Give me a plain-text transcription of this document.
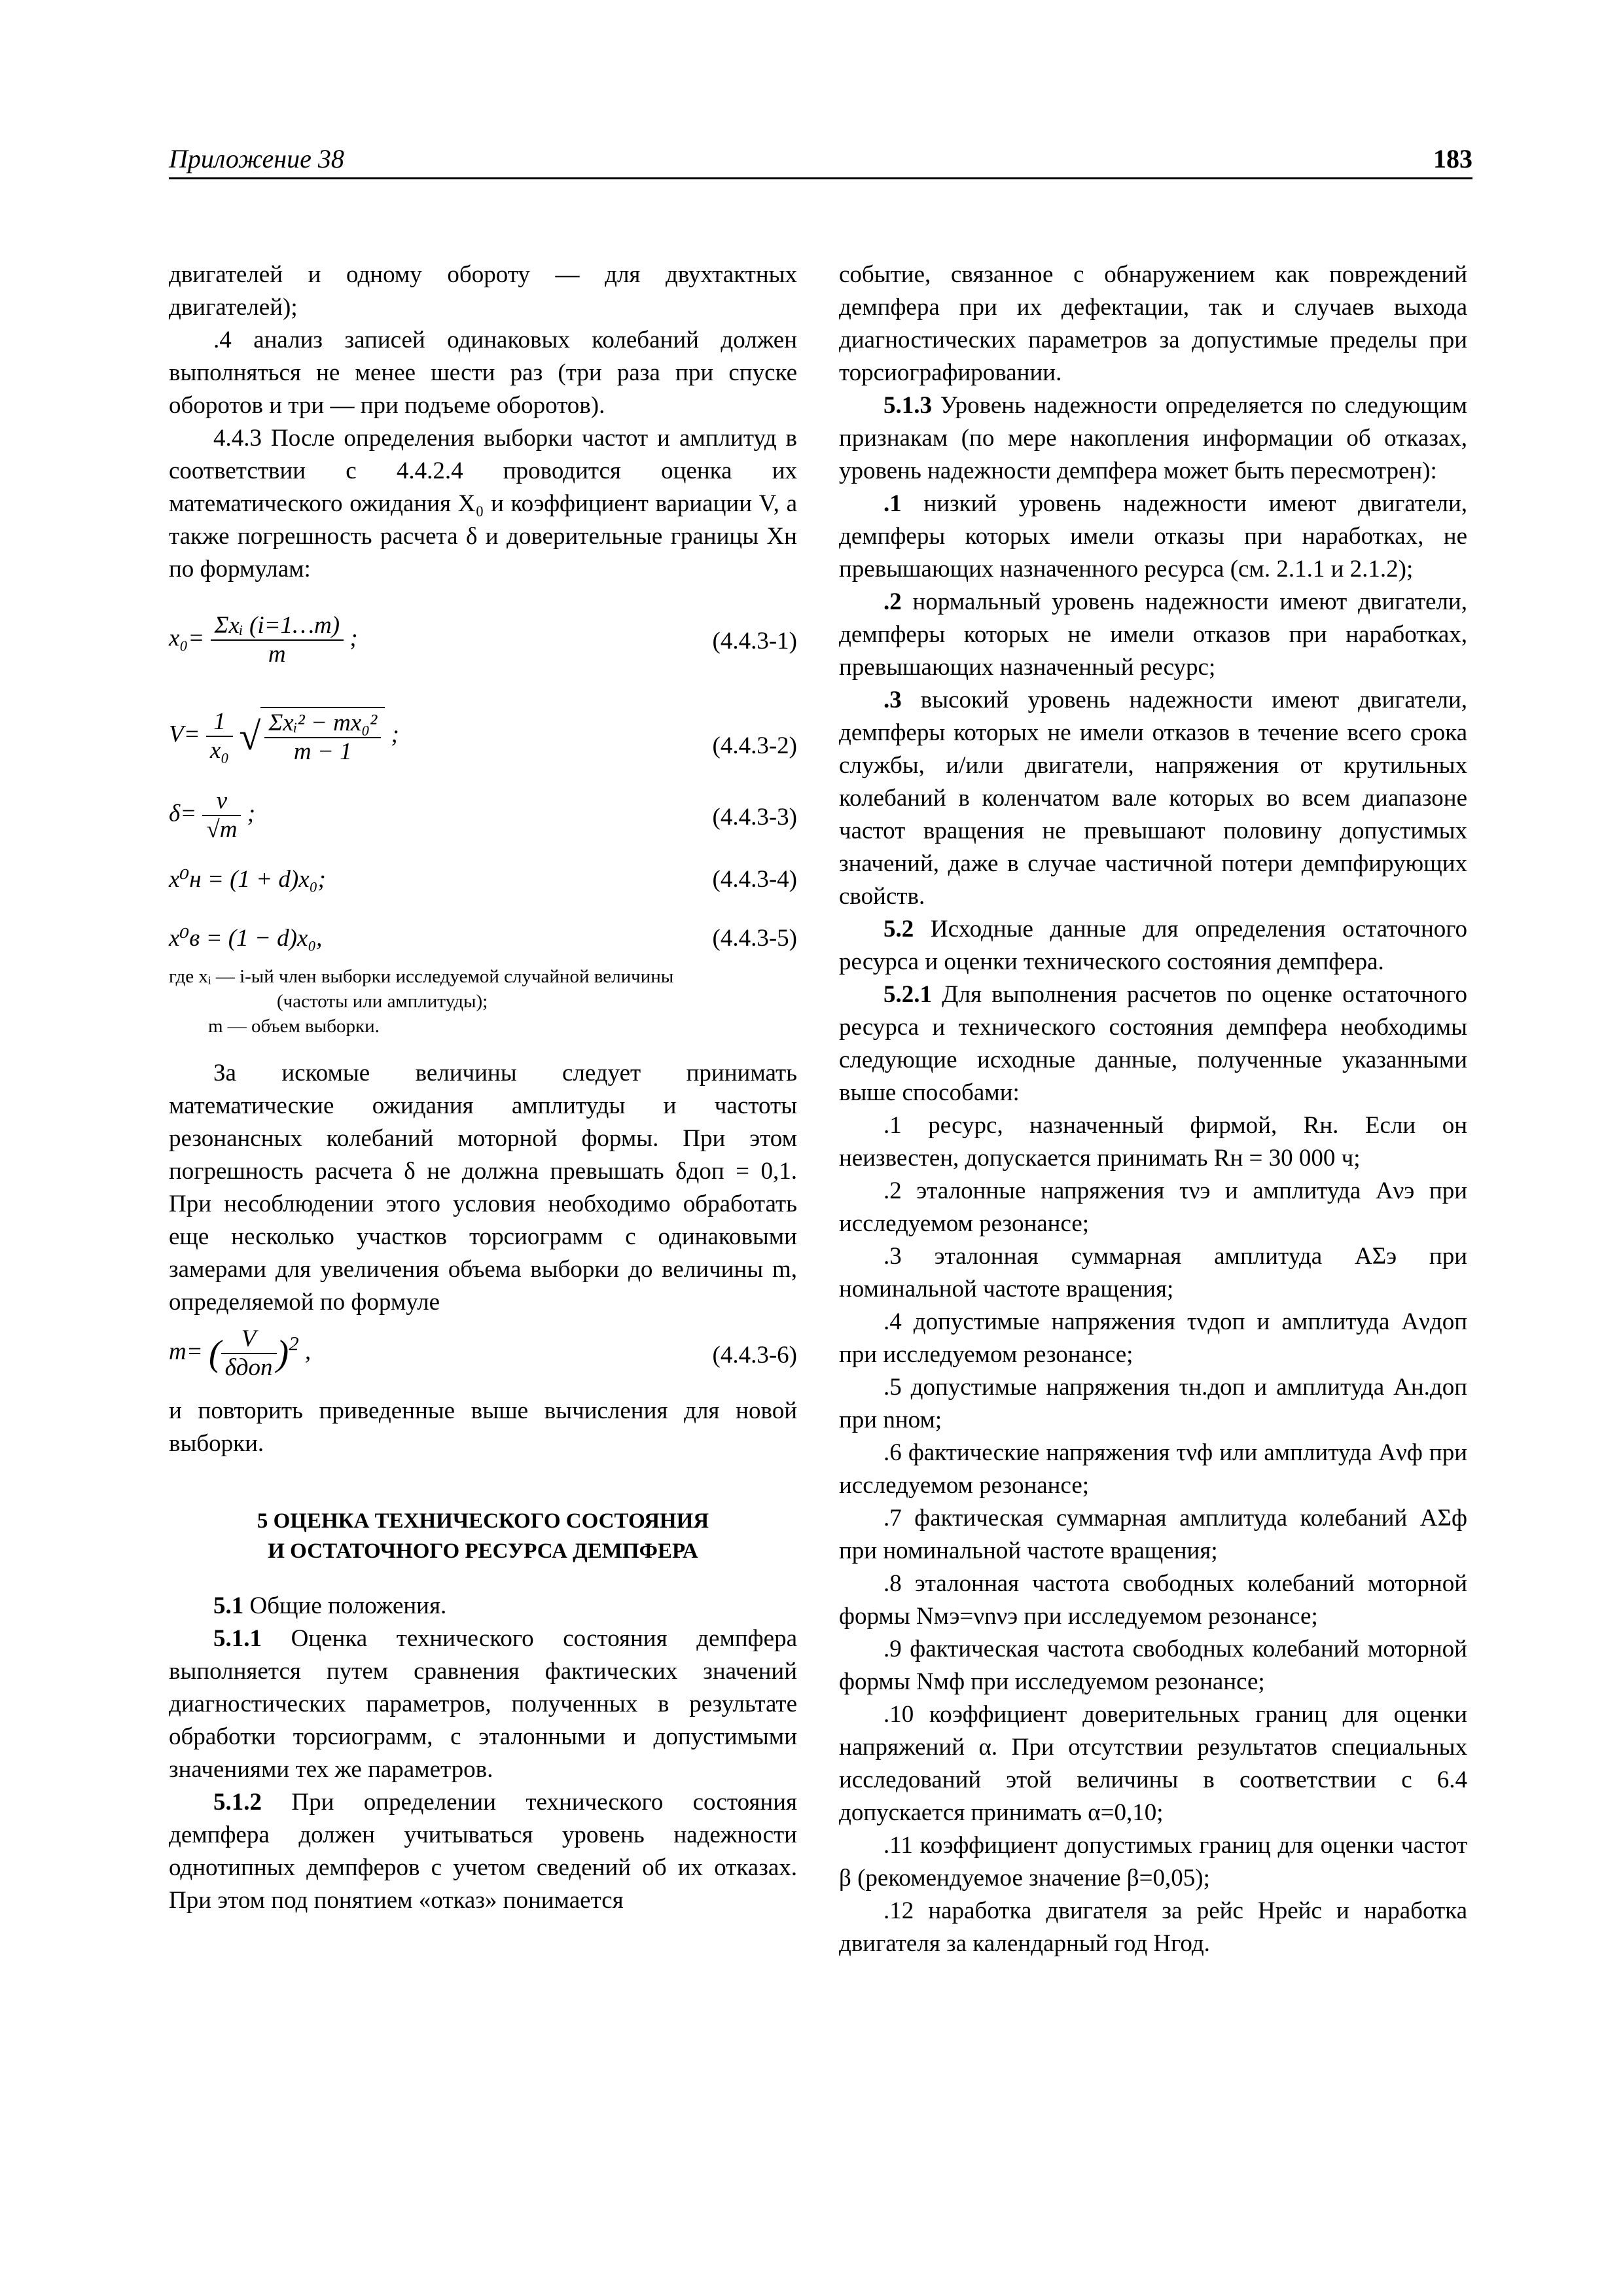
Приложение 38	183

двигателей и одному обороту — для двухтактных двигателей);

.4 анализ записей одинаковых колебаний должен выполняться не менее шести раз (три раза при спуске оборотов и три — при подъеме оборотов).

4.4.3 После определения выборки частот и амплитуд в соответствии с 4.4.2.4 проводится оценка их математического ожидания X₀ и коэффициент вариации V, а также погрешность расчета δ и доверительные границы Xн по формулам:

$x_0= \frac{\text{Σxᵢ (i=1…m)}}{m}$ ;	(4.4.3-1)
$V= \frac{1}{\text{x₀}}$ √ $\frac{\text{Σxᵢ² − mx₀²}}{m - 1}$ ;	(4.4.3-2)
$\delta= \frac{\nu}{√m}$ ;	(4.4.3-3)
x⁰н = (1 + d)x₀;	(4.4.3-4)
x⁰в = (1 − d)x₀,	(4.4.3-5)
где xᵢ — i-ый член выборки исследуемой случайной величины
(частоты или амплитуды);
m — объем выборки.

За искомые величины следует принимать математические ожидания амплитуды и частоты резонансных колебаний моторной формы. При этом погрешность расчета δ не должна превышать δдоп = 0,1. При несоблюдении этого условия необходимо обработать еще несколько участков торсиограмм с одинаковыми замерами для увеличения объема выборки до величины m, определяемой по формуле

m= ( $\frac{V}{\text{δдоп}} )^2$ ,	(4.4.3-6)

и повторить приведенные выше вычисления для новой выборки.

5 ОЦЕНКА ТЕХНИЧЕСКОГО СОСТОЯНИЯ
И ОСТАТОЧНОГО РЕСУРСА ДЕМПФЕРА

5.1 Общие положения.

5.1.1 Оценка технического состояния демпфера выполняется путем сравнения фактических значений диагностических параметров, полученных в результате обработки торсиограмм, с эталонными и допустимыми значениями тех же параметров.

5.1.2 При определении технического состояния демпфера должен учитываться уровень надежности однотипных демпферов с учетом сведений об их отказах. При этом под понятием «отказ» понимается

событие, связанное с обнаружением как повреждений демпфера при их дефектации, так и случаев выхода диагностических параметров за допустимые пределы при торсиографировании.

5.1.3 Уровень надежности определяется по следующим признакам (по мере накопления информации об отказах, уровень надежности демпфера может быть пересмотрен):

.1 низкий уровень надежности имеют двигатели, демпферы которых имели отказы при наработках, не превышающих назначенного ресурса (см. 2.1.1 и 2.1.2);

.2 нормальный уровень надежности имеют двигатели, демпферы которых не имели отказов при наработках, превышающих назначенный ресурс;

.3 высокий уровень надежности имеют двигатели, демпферы которых не имели отказов в течение всего срока службы, и/или двигатели, напряжения от крутильных колебаний в коленчатом вале которых во всем диапазоне частот вращения не превышают половину допустимых значений, даже в случае частичной потери демпфирующих свойств.

5.2 Исходные данные для определения остаточного ресурса и оценки технического состояния демпфера.

5.2.1 Для выполнения расчетов по оценке остаточного ресурса и технического состояния демпфера необходимы следующие исходные данные, полученные указанными выше способами:

.1 ресурс, назначенный фирмой, Rн. Если он неизвестен, допускается принимать Rн = 30 000 ч;

.2 эталонные напряжения τνэ и амплитуда Aνэ при исследуемом резонансе;

.3 эталонная суммарная амплитуда AΣэ при номинальной частоте вращения;

.4 допустимые напряжения τνдоп и амплитуда Aνдоп при исследуемом резонансе;

.5 допустимые напряжения τн.доп и амплитуда Aн.доп при nном;

.6 фактические напряжения τνф или амплитуда Aνф при исследуемом резонансе;

.7 фактическая суммарная амплитуда колебаний AΣф при номинальной частоте вращения;

.8 эталонная частота свободных колебаний моторной формы Nмэ=νnνэ при исследуемом резонансе;

.9 фактическая частота свободных колебаний моторной формы Nмф при исследуемом резонансе;

.10 коэффициент доверительных границ для оценки напряжений α. При отсутствии результатов специальных исследований этой величины в соответствии с 6.4 допускается принимать α=0,10;

.11 коэффициент допустимых границ для оценки частот β (рекомендуемое значение β=0,05);

.12 наработка двигателя за рейс Hрейс и наработка двигателя за календарный год Hгод.
